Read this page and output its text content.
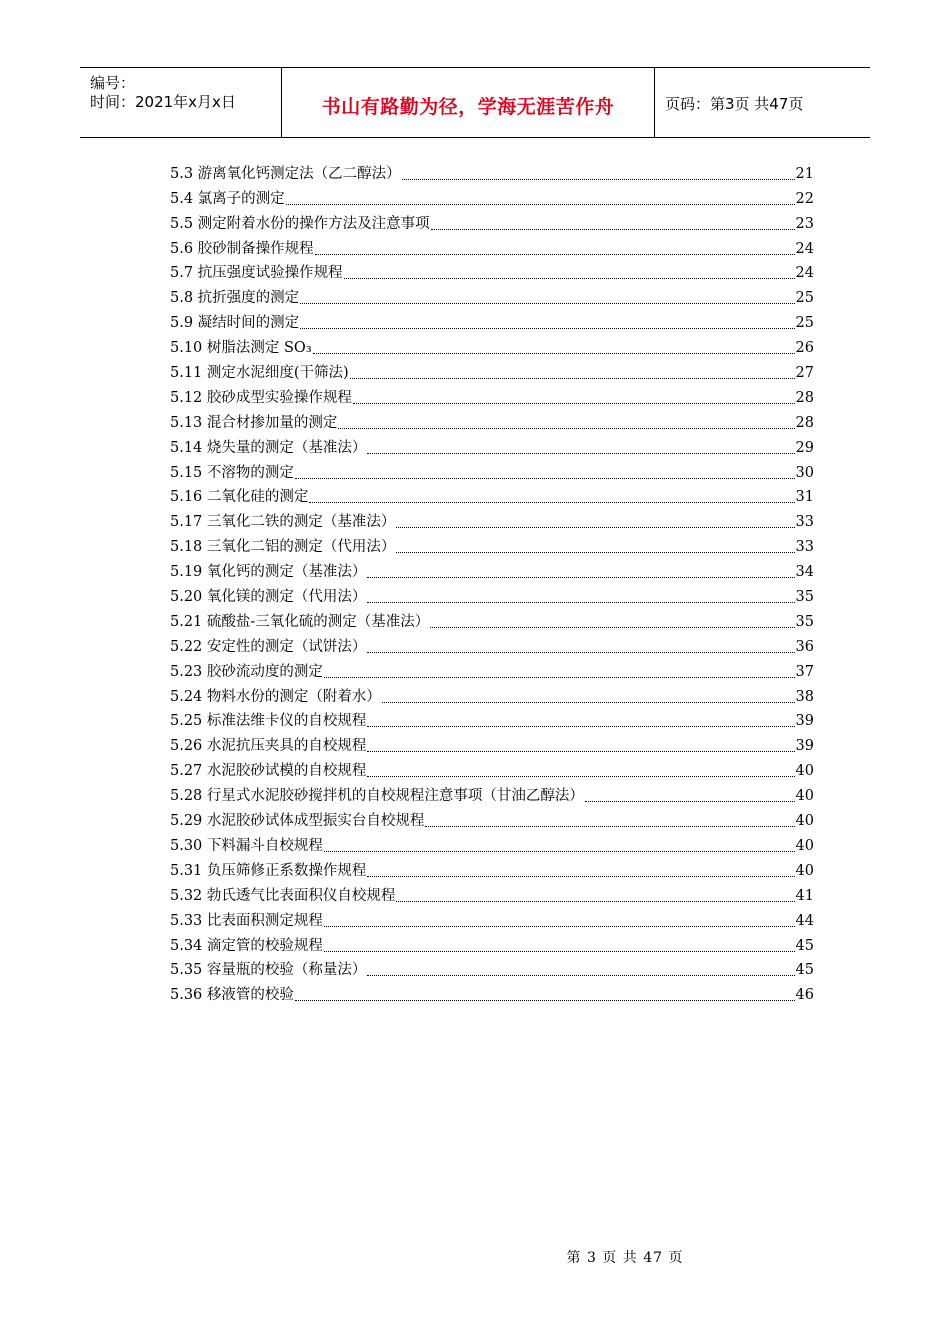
编号：
时间：2021年x月x日	书山有路勤为径，学海无涯苦作舟	页码：第3页 共47页
5.3 游离氧化钙测定法（乙二醇法）	21
5.4 氯离子的测定	22
5.5 测定附着水份的操作方法及注意事项	23
5.6 胶砂制备操作规程	24
5.7 抗压强度试验操作规程	24
5.8 抗折强度的测定	25
5.9 凝结时间的测定	25
5.10 树脂法测定 SO₃	26
5.11 测定水泥细度(干筛法)	27
5.12 胶砂成型实验操作规程	28
5.13 混合材掺加量的测定	28
5.14 烧失量的测定（基准法）	29
5.15 不溶物的测定	30
5.16 二氧化硅的测定	31
5.17 三氧化二铁的测定（基准法）	33
5.18 三氧化二铝的测定（代用法）	33
5.19 氧化钙的测定（基准法）	34
5.20 氧化镁的测定（代用法）	35
5.21 硫酸盐-三氧化硫的测定（基准法）	35
5.22 安定性的测定（试饼法）	36
5.23 胶砂流动度的测定	37
5.24 物料水份的测定（附着水）	38
5.25 标准法维卡仪的自校规程	39
5.26 水泥抗压夹具的自校规程	39
5.27 水泥胶砂试模的自校规程	40
5.28 行星式水泥胶砂搅拌机的自校规程注意事项（甘油乙醇法）	40
5.29 水泥胶砂试体成型振实台自校规程	40
5.30 下料漏斗自校规程	40
5.31 负压筛修正系数操作规程	40
5.32 勃氏透气比表面积仪自校规程	41
5.33 比表面积测定规程	44
5.34 滴定管的校验规程	45
5.35 容量瓶的校验（称量法）	45
5.36 移液管的校验	46
第 3 页 共 47 页
